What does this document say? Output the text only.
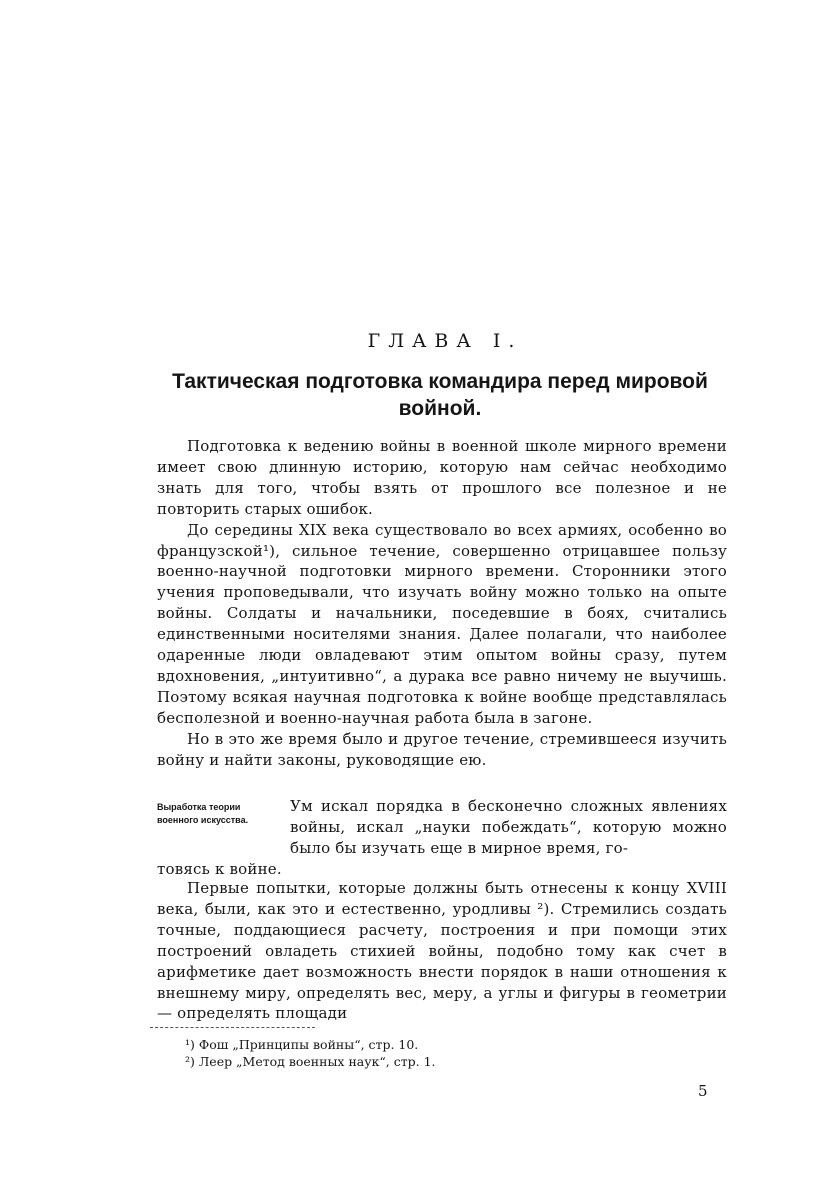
ГЛАВА I.
Тактическая подготовка командира перед мировой войной.

Подготовка к ведению войны в военной школе мирного времени имеет свою длинную историю, которую нам сейчас необходимо знать для того, чтобы взять от прошлого все полезное и не повторить старых ошибок.

До середины XIX века существовало во всех армиях, особенно во французской¹), сильное течение, совершенно отрицавшее пользу военно-научной подготовки мирного времени. Сторонники этого учения проповедывали, что изучать войну можно только на опыте войны. Солдаты и начальники, поседевшие в боях, считались единственными носителями знания. Далее полагали, что наиболее одаренные люди овладевают этим опытом войны сразу, путем вдохновения, „интуитивно“, а дурака все равно ничему не выучишь. Поэтому всякая научная подготовка к войне вообще представлялась бесполезной и военно-научная работа была в загоне.

Но в это же время было и другое течение, стремившееся изучить войну и найти законы, руководящие ею.

Выработка теории военного искусства.

Ум искал порядка в бесконечно сложных явлениях войны, искал „науки побеждать“, которую можно было бы изучать еще в мирное время, го-

товясь к войне.

Первые попытки, которые должны быть отнесены к концу XVIII века, были, как это и естественно, уродливы ²). Стремились создать точные, поддающиеся расчету, построения и при помощи этих построений овладеть стихией войны, подобно тому как счет в арифметике дает возможность внести порядок в наши отношения к внешнему миру, определять вес, меру, а углы и фигуры в геометрии — определять площади

¹) Фош „Принципы войны“, стр. 10.
²) Леер „Метод военных наук“, стр. 1.
5
